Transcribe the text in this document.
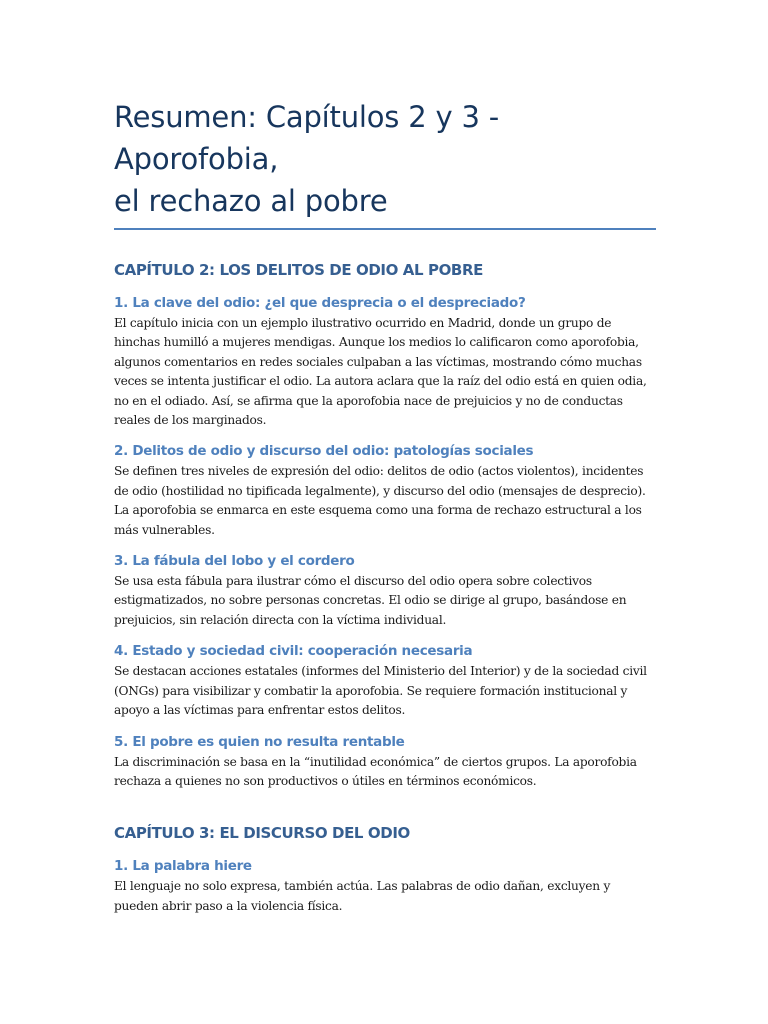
Resumen: Capítulos 2 y 3 - Aporofobia,
el rechazo al pobre
CAPÍTULO 2: LOS DELITOS DE ODIO AL POBRE
1. La clave del odio: ¿el que desprecia o el despreciado?

El capítulo inicia con un ejemplo ilustrativo ocurrido en Madrid, donde un grupo de hinchas humilló a mujeres mendigas. Aunque los medios lo calificaron como aporofobia, algunos comentarios en redes sociales culpaban a las víctimas, mostrando cómo muchas veces se intenta justificar el odio. La autora aclara que la raíz del odio está en quien odia, no en el odiado. Así, se afirma que la aporofobia nace de prejuicios y no de conductas reales de los marginados.

2. Delitos de odio y discurso del odio: patologías sociales

Se definen tres niveles de expresión del odio: delitos de odio (actos violentos), incidentes de odio (hostilidad no tipificada legalmente), y discurso del odio (mensajes de desprecio). La aporofobia se enmarca en este esquema como una forma de rechazo estructural a los más vulnerables.

3. La fábula del lobo y el cordero

Se usa esta fábula para ilustrar cómo el discurso del odio opera sobre colectivos estigmatizados, no sobre personas concretas. El odio se dirige al grupo, basándose en prejuicios, sin relación directa con la víctima individual.

4. Estado y sociedad civil: cooperación necesaria

Se destacan acciones estatales (informes del Ministerio del Interior) y de la sociedad civil (ONGs) para visibilizar y combatir la aporofobia. Se requiere formación institucional y apoyo a las víctimas para enfrentar estos delitos.

5. El pobre es quien no resulta rentable

La discriminación se basa en la “inutilidad económica” de ciertos grupos. La aporofobia rechaza a quienes no son productivos o útiles en términos económicos.

CAPÍTULO 3: EL DISCURSO DEL ODIO
1. La palabra hiere

El lenguaje no solo expresa, también actúa. Las palabras de odio dañan, excluyen y pueden abrir paso a la violencia física.
